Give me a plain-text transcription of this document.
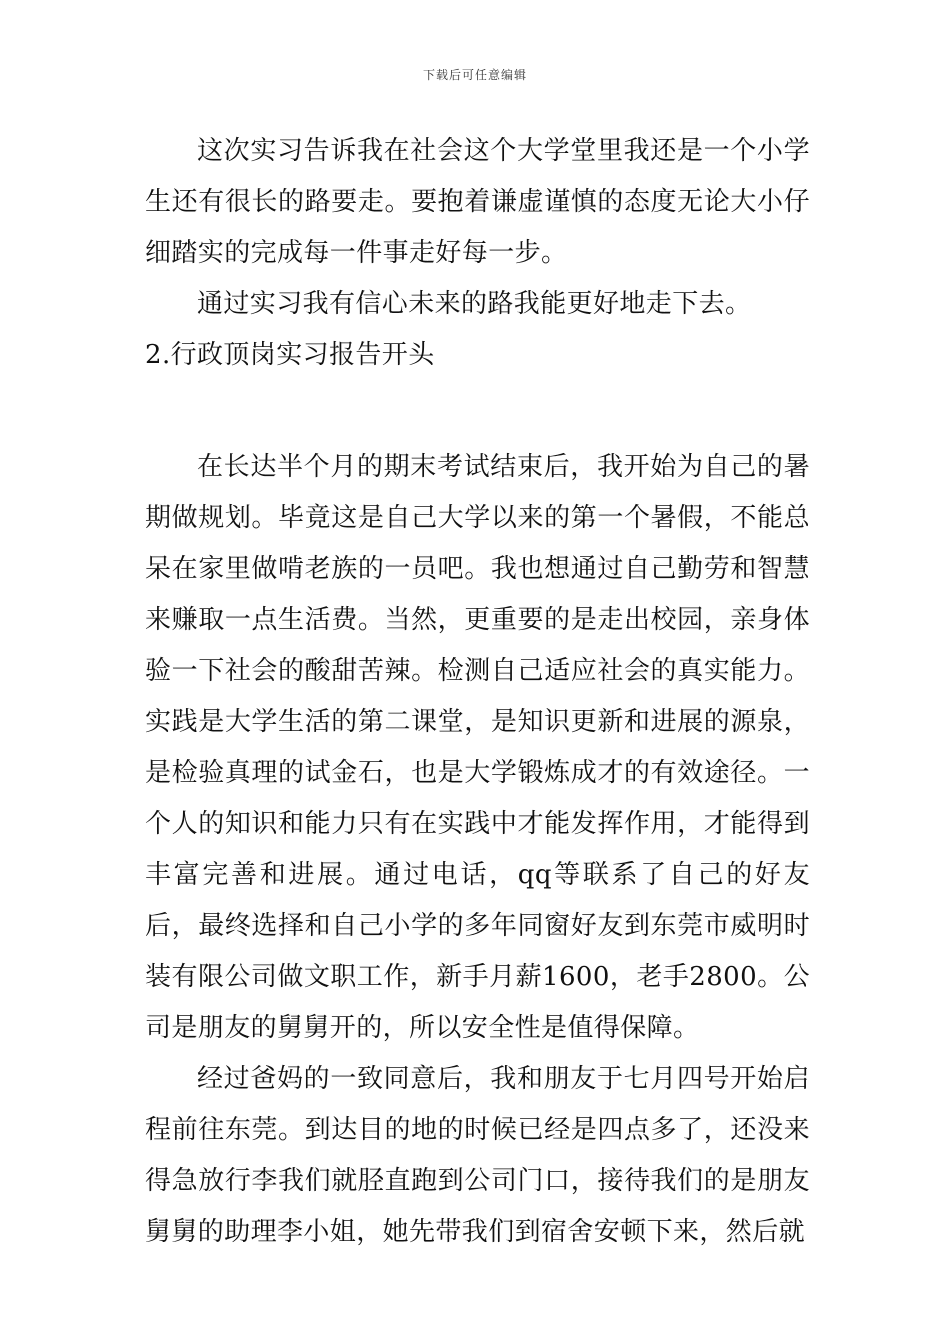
下载后可任意编辑

这次实习告诉我在社会这个大学堂里我还是一个小学生还有很长的路要走。要抱着谦虚谨慎的态度无论大小仔细踏实的完成每一件事走好每一步。

通过实习我有信心未来的路我能更好地走下去。

2.行政顶岗实习报告开头

在长达半个月的期末考试结束后，我开始为自己的暑期做规划。毕竟这是自己大学以来的第一个暑假，不能总呆在家里做啃老族的一员吧。我也想通过自己勤劳和智慧来赚取一点生活费。当然，更重要的是走出校园，亲身体验一下社会的酸甜苦辣。检测自己适应社会的真实能力。实践是大学生活的第二课堂，是知识更新和进展的源泉，是检验真理的试金石，也是大学锻炼成才的有效途径。一个人的知识和能力只有在实践中才能发挥作用，才能得到丰富完善和进展。通过电话，qq等联系了自己的好友后，最终选择和自己小学的多年同窗好友到东莞市威明时装有限公司做文职工作，新手月薪1600，老手2800。公司是朋友的舅舅开的，所以安全性是值得保障。

经过爸妈的一致同意后，我和朋友于七月四号开始启程前往东莞。到达目的地的时候已经是四点多了，还没来得急放行李我们就胫直跑到公司门口，接待我们的是朋友舅舅的助理李小姐，她先带我们到宿舍安顿下来，然后就
